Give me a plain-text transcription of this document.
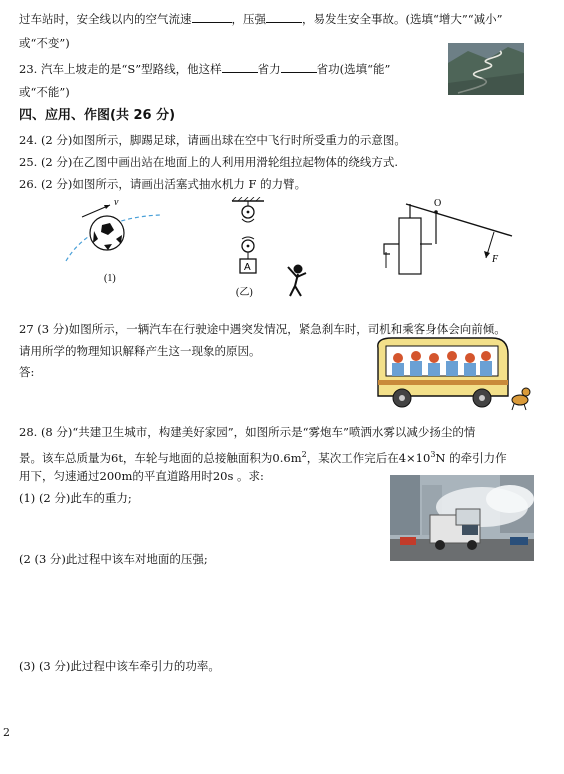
过车站时，安全线以内的空气流速	，压强	，易发生安全事故。(选填“增大”“减小”
或“不变”)
23. 汽车上坡走的是“S”型路线，他这样	省力	省功(选填“能”
或“不能”)
四、应用、作图(共 26 分)
24. (2 分)如图所示，脚踢足球，请画出球在空中飞行时所受重力的示意图。
25. (2 分)在乙图中画出站在地面上的人利用用滑轮组拉起物体的绕线方式.
26. (2 分)如图所示，请画出活塞式抽水机力 F 的力臂。
v
(1)
A
(乙)
O
F
27 (3 分)如图所示，一辆汽车在行驶途中遇突发情况，紧急刹车时，司机和乘客身体会向前倾。
请用所学的物理知识解释产生这一现象的原因。
答:
28. (8 分)“共建卫生城市，构建美好家园”，如图所示是“雾炮车”喷洒水雾以减少扬尘的情
景。该车总质量为6t，车轮与地面的总接触面积为$0.6m^2$，某次工作完后在$4\times 10^3N$ 的牵引力作
用下，匀速通过200m的平直道路用时20s 。求:
(1) (2 分)此车的重力;
(2 (3 分)此过程中该车对地面的压强;
(3) (3 分)此过程中该车牵引力的功率。
2
